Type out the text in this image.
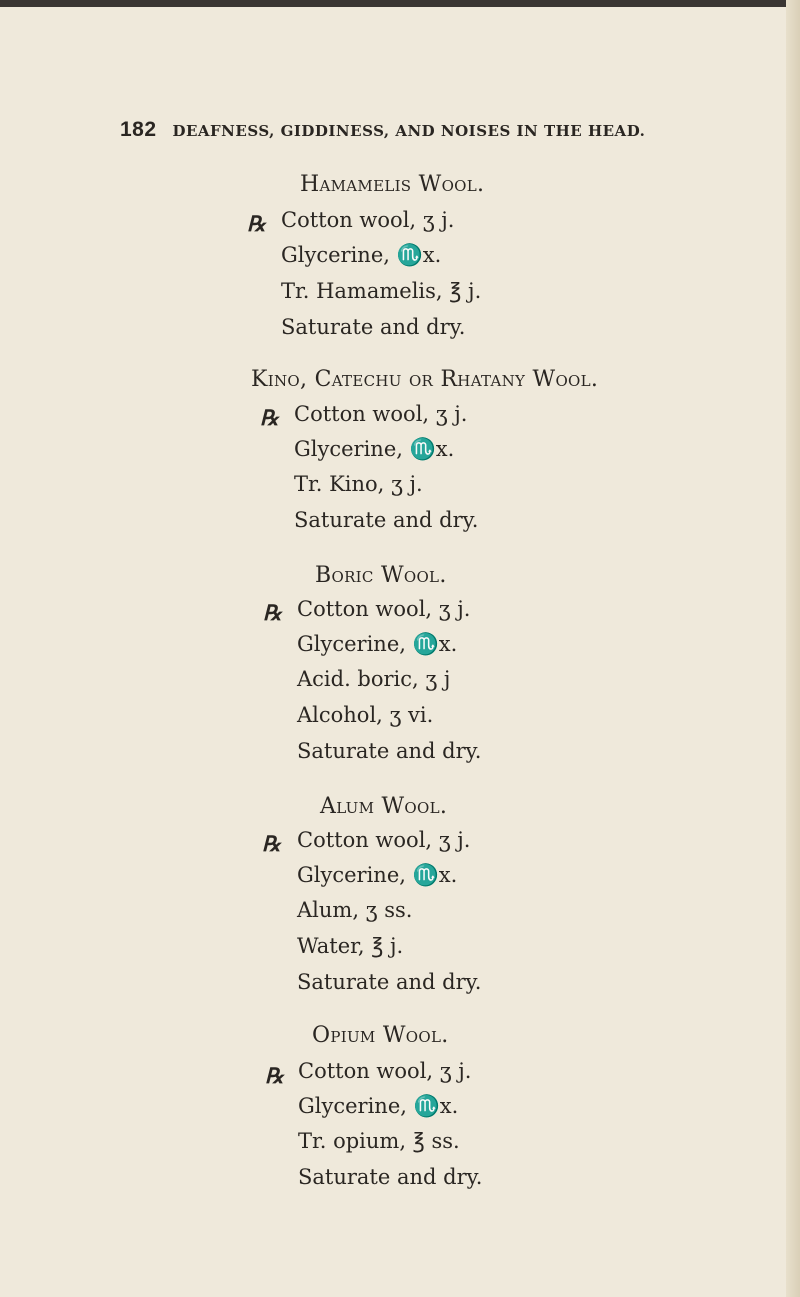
182 DEAFNESS, GIDDINESS, AND NOISES IN THE HEAD.
Hamamelis Wool.
℞ Cotton wool, ʒ j.
Glycerine, ♏x.
Tr. Hamamelis, ℥ j.
Saturate and dry.
Kino, Catechu or Rhatany Wool.
℞ Cotton wool, ʒ j.
Glycerine, ♏x.
Tr. Kino, ʒ j.
Saturate and dry.
Boric Wool.
℞ Cotton wool, ʒ j.
Glycerine, ♏x.
Acid. boric, ʒ j
Alcohol, ʒ vi.
Saturate and dry.
Alum Wool.
℞ Cotton wool, ʒ j.
Glycerine, ♏x.
Alum, ʒ ss.
Water, ℥ j.
Saturate and dry.
Opium Wool.
℞ Cotton wool, ʒ j.
Glycerine, ♏x.
Tr. opium, ℥ ss.
Saturate and dry.
